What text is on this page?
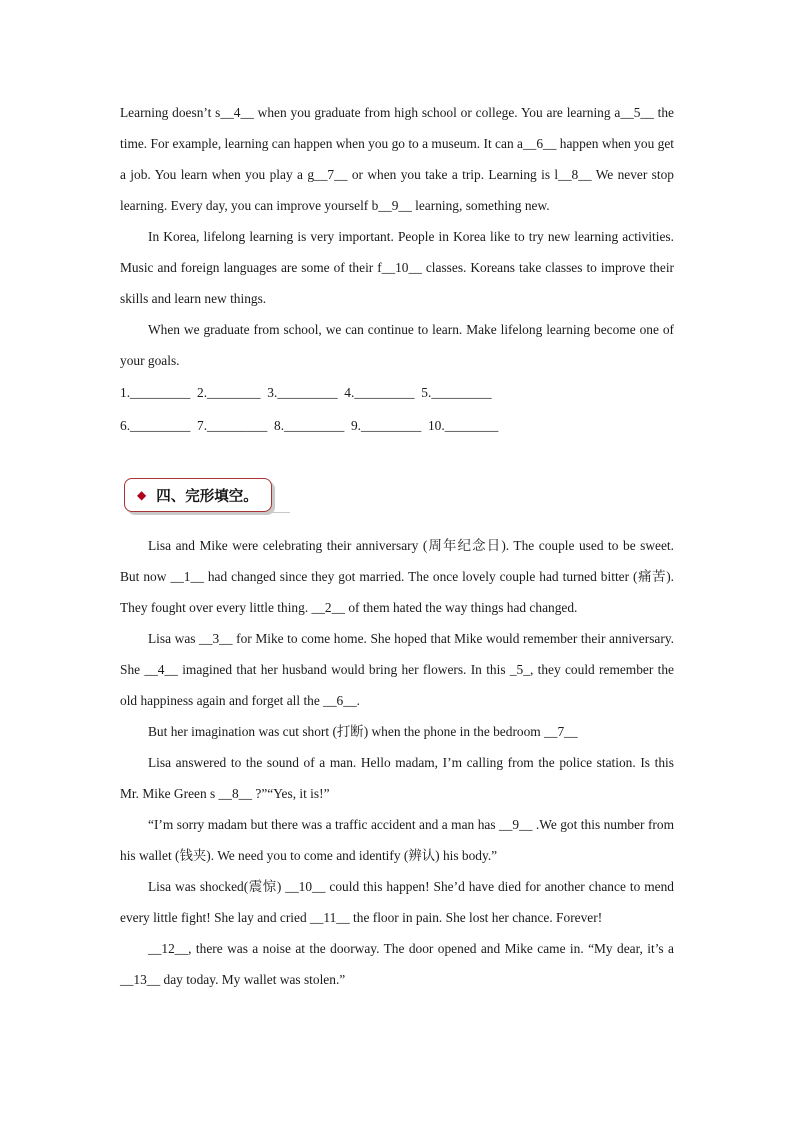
Learning doesn’t s__4__ when you graduate from high school or college. You are learning a__5__ the time. For example, learning can happen when you go to a museum. It can a__6__ happen when you get a job. You learn when you play a g__7__ or when you take a trip. Learning is l__8__ We never stop learning. Every day, you can improve yourself b__9__ learning, something new.

In Korea, lifelong learning is very important. People in Korea like to try new learning activities. Music and foreign languages are some of their f__10__ classes. Koreans take classes to improve their skills and learn new things.

When we graduate from school, we can continue to learn. Make lifelong learning become one of your goals.

1._________  2.________  3._________  4._________  5._________

6._________  7._________  8._________  9._________  10.________

◆ 四、完形填空。

Lisa and Mike were celebrating their anniversary (周年纪念日). The couple used to be sweet. But now __1__ had changed since they got married. The once lovely couple had turned bitter (痛苦). They fought over every little thing. __2__ of them hated the way things had changed.

Lisa was __3__ for Mike to come home. She hoped that Mike would remember their anniversary. She __4__ imagined that her husband would bring her flowers. In this _5_, they could remember the old happiness again and forget all the __6__.

But her imagination was cut short (打断) when the phone in the bedroom __7__

Lisa answered to the sound of a man. Hello madam, I’m calling from the police station. Is this Mr. Mike Green s __8__ ?”“Yes, it is!”

“I’m sorry madam but there was a traffic accident and a man has __9__ .We got this number from his wallet (钱夹). We need you to come and identify (辨认) his body.”

Lisa was shocked(震惊) __10__ could this happen! She’d have died for another chance to mend every little fight! She lay and cried __11__ the floor in pain. She lost her chance. Forever!

__12__, there was a noise at the doorway. The door opened and Mike came in. “My dear, it’s a __13__ day today. My wallet was stolen.”
